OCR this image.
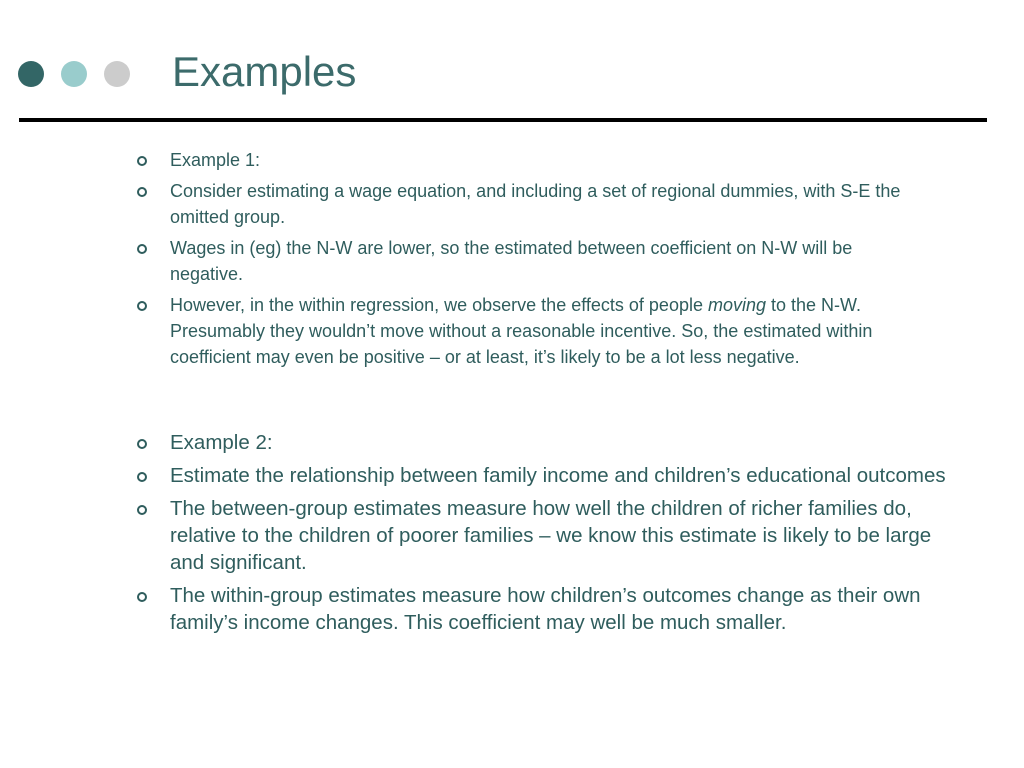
Examples
Example 1:
Consider estimating a wage equation, and including a set of regional dummies, with S-E the omitted group.
Wages in (eg) the N-W are lower, so the estimated between coefficient on N-W will be negative.
However, in the within regression, we observe the effects of people moving to the N-W. Presumably they wouldn’t move without a reasonable incentive. So, the estimated within coefficient may even be positive – or at least, it’s likely to be a lot less negative.
Example 2:
Estimate the relationship between family income and children’s educational outcomes
The between-group estimates measure how well the children of richer families do, relative to the children of poorer families – we know this estimate is likely to be large and significant.
The within-group estimates measure how children’s outcomes change as their own family’s income changes. This coefficient may well be much smaller.
